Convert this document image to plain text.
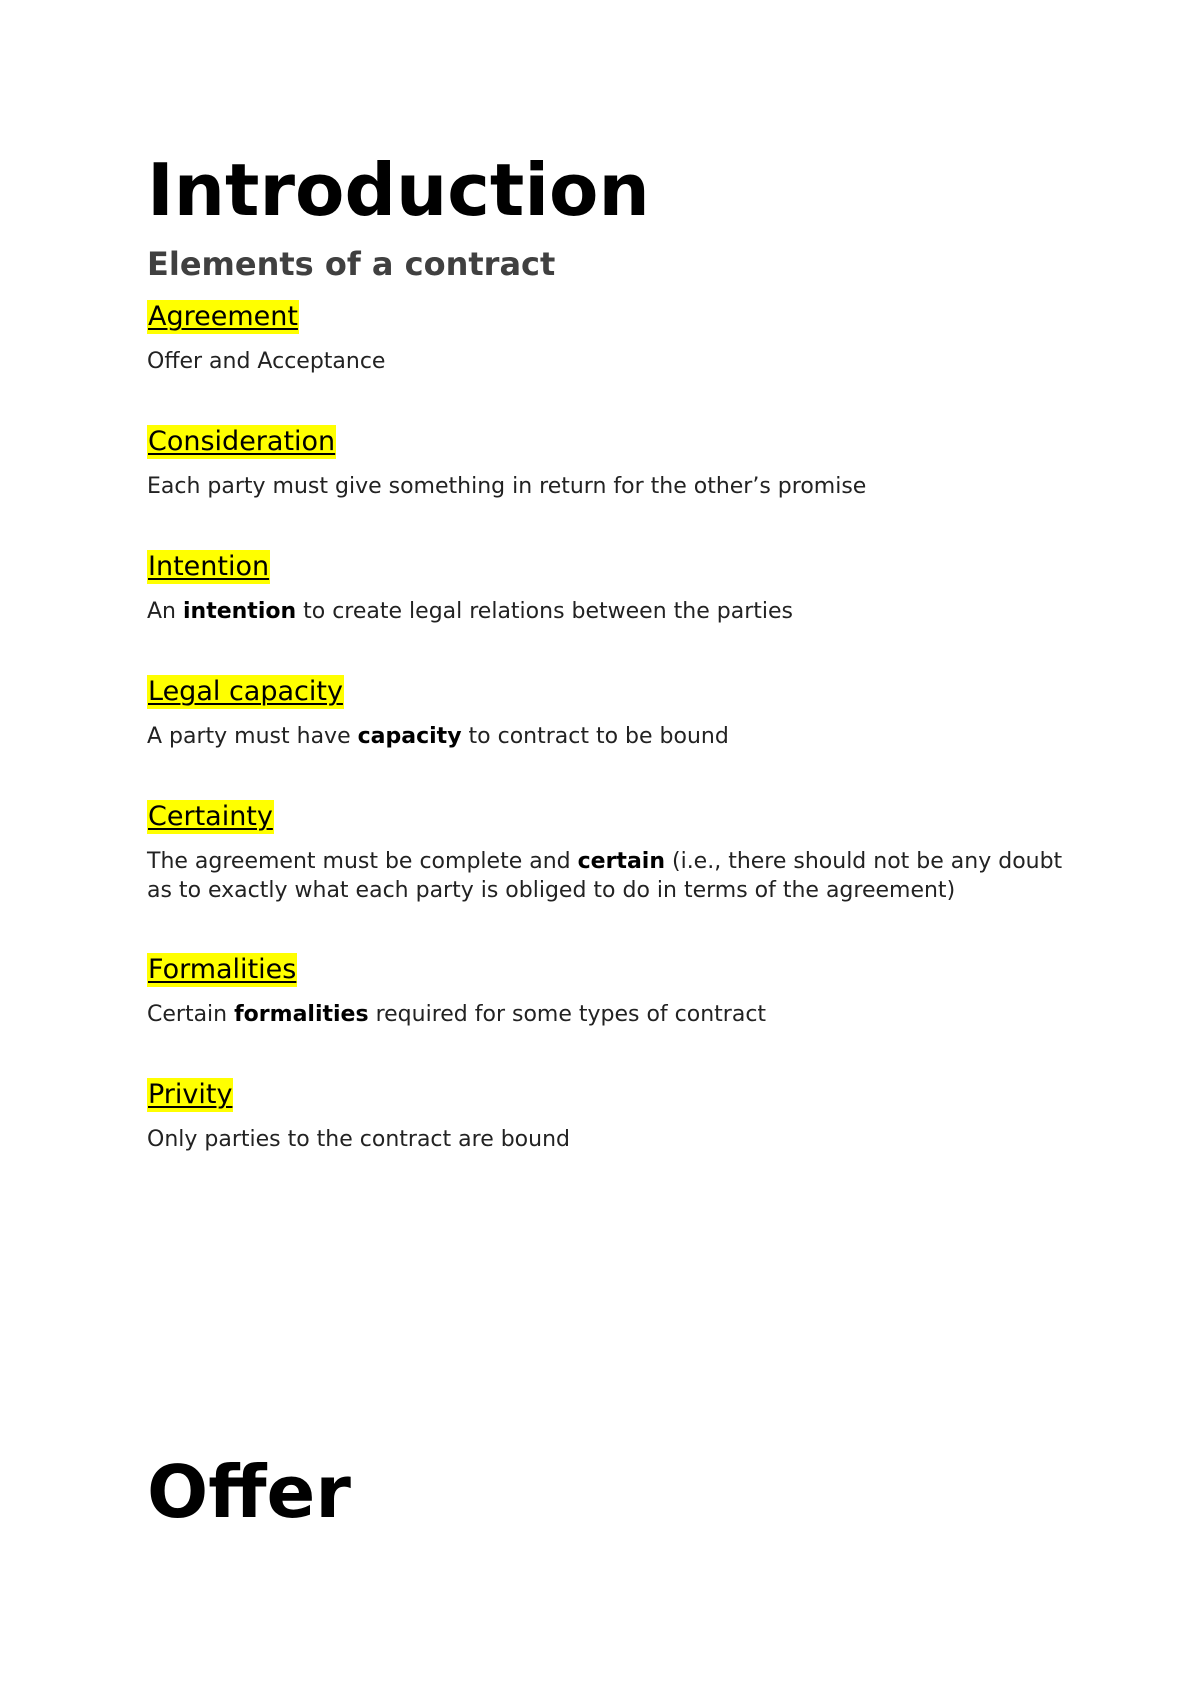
Introduction
Elements of a contract
Agreement

Offer and Acceptance

Consideration

Each party must give something in return for the other’s promise

Intention

An intention to create legal relations between the parties

Legal capacity

A party must have capacity to contract to be bound

Certainty

The agreement must be complete and certain (i.e., there should not be any doubt as to exactly what each party is obliged to do in terms of the agreement)

Formalities

Certain formalities required for some types of contract

Privity

Only parties to the contract are bound

Offer
